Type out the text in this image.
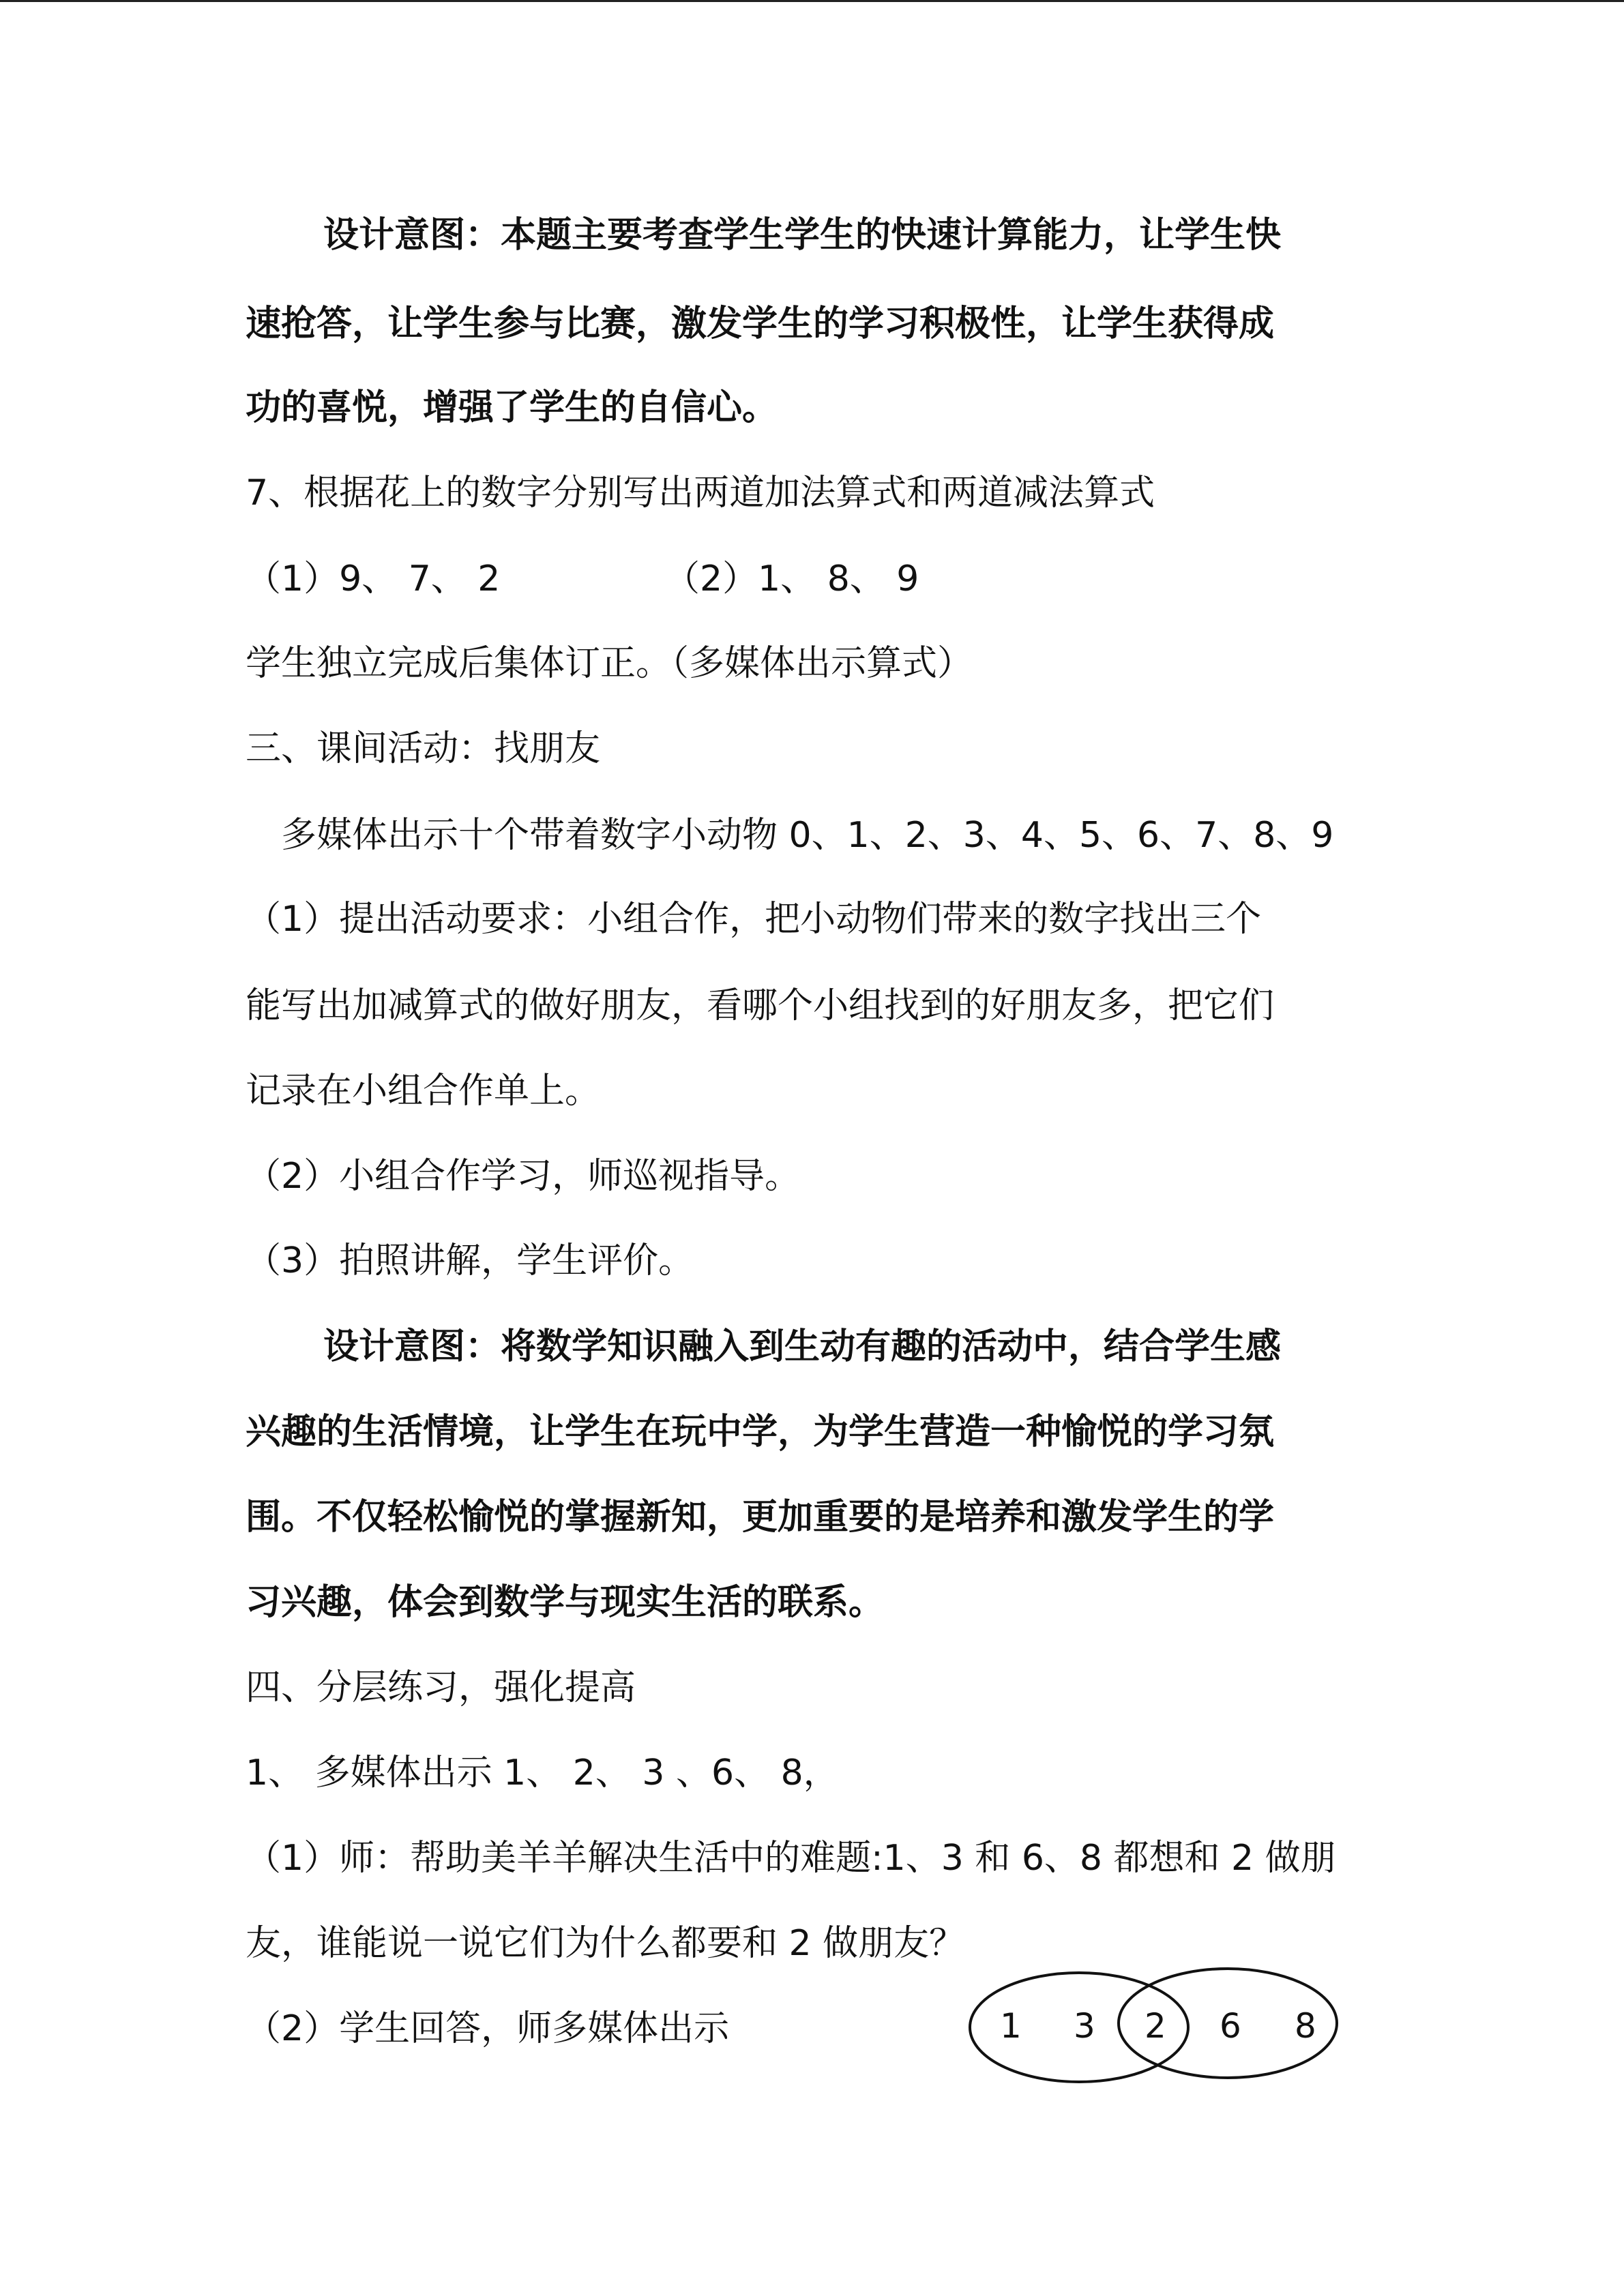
设计意图：本题主要考查学生学生的快速计算能力，让学生快

速抢答，让学生参与比赛，激发学生的学习积极性，让学生获得成

功的喜悦，增强了学生的自信心。

7、根据花上的数字分别写出两道加法算式和两道减法算式

（1）9、 7、 2	（2）1、 8、 9

学生独立完成后集体订正。（多媒体出示算式）

三、课间活动：找朋友

多媒体出示十个带着数字小动物 0、1、2、3、4、5、6、7、8、9

（1）提出活动要求：小组合作，把小动物们带来的数字找出三个

能写出加减算式的做好朋友，看哪个小组找到的好朋友多，把它们

记录在小组合作单上。

（2）小组合作学习，师巡视指导。

（3）拍照讲解，学生评价。

设计意图：将数学知识融入到生动有趣的活动中，结合学生感

兴趣的生活情境，让学生在玩中学，为学生营造一种愉悦的学习氛

围。不仅轻松愉悦的掌握新知，更加重要的是培养和激发学生的学

习兴趣，体会到数学与现实生活的联系。

四、分层练习，强化提高

1、 多媒体出示 1、 2、 3 、6、 8，

（1）师：帮助美羊羊解决生活中的难题:1、3 和 6、8 都想和 2 做朋

友，谁能说一说它们为什么都要和 2 做朋友？

（2）学生回答，师多媒体出示	1 3 2 6 8
